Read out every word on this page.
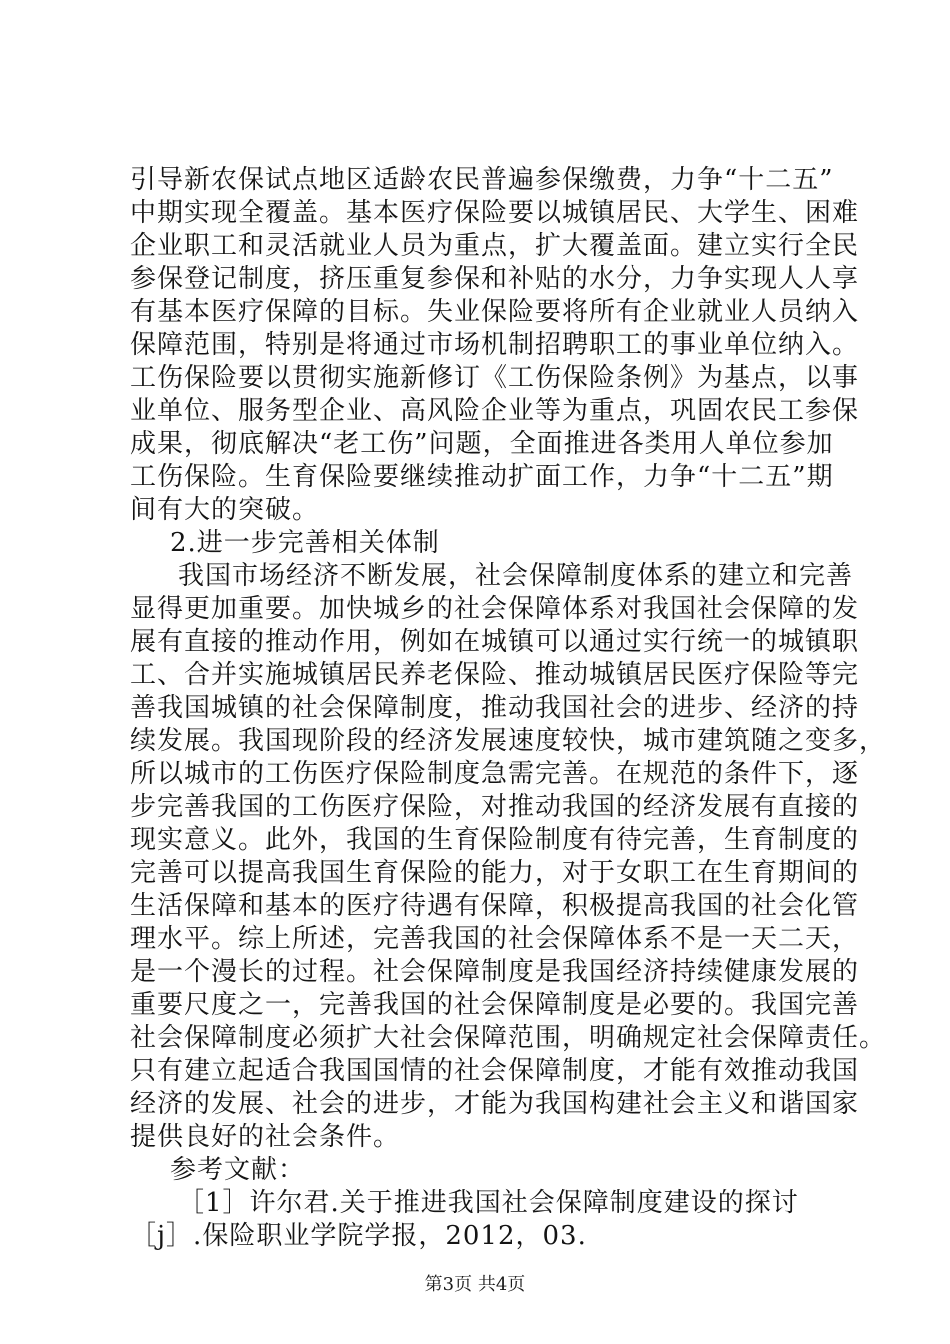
引导新农保试点地区适龄农民普遍参保缴费，力争“十二五”
中期实现全覆盖。基本医疗保险要以城镇居民、大学生、困难
企业职工和灵活就业人员为重点，扩大覆盖面。建立实行全民
参保登记制度，挤压重复参保和补贴的水分，力争实现人人享
有基本医疗保障的目标。失业保险要将所有企业就业人员纳入
保障范围，特别是将通过市场机制招聘职工的事业单位纳入。
工伤保险要以贯彻实施新修订《工伤保险条例》为基点，以事
业单位、服务型企业、高风险企业等为重点，巩固农民工参保
成果，彻底解决“老工伤”问题，全面推进各类用人单位参加
工伤保险。生育保险要继续推动扩面工作，力争“十二五”期
间有大的突破。
2.进一步完善相关体制
我国市场经济不断发展，社会保障制度体系的建立和完善
显得更加重要。加快城乡的社会保障体系对我国社会保障的发
展有直接的推动作用，例如在城镇可以通过实行统一的城镇职
工、合并实施城镇居民养老保险、推动城镇居民医疗保险等完
善我国城镇的社会保障制度，推动我国社会的进步、经济的持
续发展。我国现阶段的经济发展速度较快，城市建筑随之变多，
所以城市的工伤医疗保险制度急需完善。在规范的条件下，逐
步完善我国的工伤医疗保险，对推动我国的经济发展有直接的
现实意义。此外，我国的生育保险制度有待完善，生育制度的
完善可以提高我国生育保险的能力，对于女职工在生育期间的
生活保障和基本的医疗待遇有保障，积极提高我国的社会化管
理水平。综上所述，完善我国的社会保障体系不是一天二天，
是一个漫长的过程。社会保障制度是我国经济持续健康发展的
重要尺度之一，完善我国的社会保障制度是必要的。我国完善
社会保障制度必须扩大社会保障范围，明确规定社会保障责任。
只有建立起适合我国国情的社会保障制度，才能有效推动我国
经济的发展、社会的进步，才能为我国构建社会主义和谐国家
提供良好的社会条件。
参考文献：
［1］许尔君.关于推进我国社会保障制度建设的探讨
［j］.保险职业学院学报，2012，03.
第3页 共4页
